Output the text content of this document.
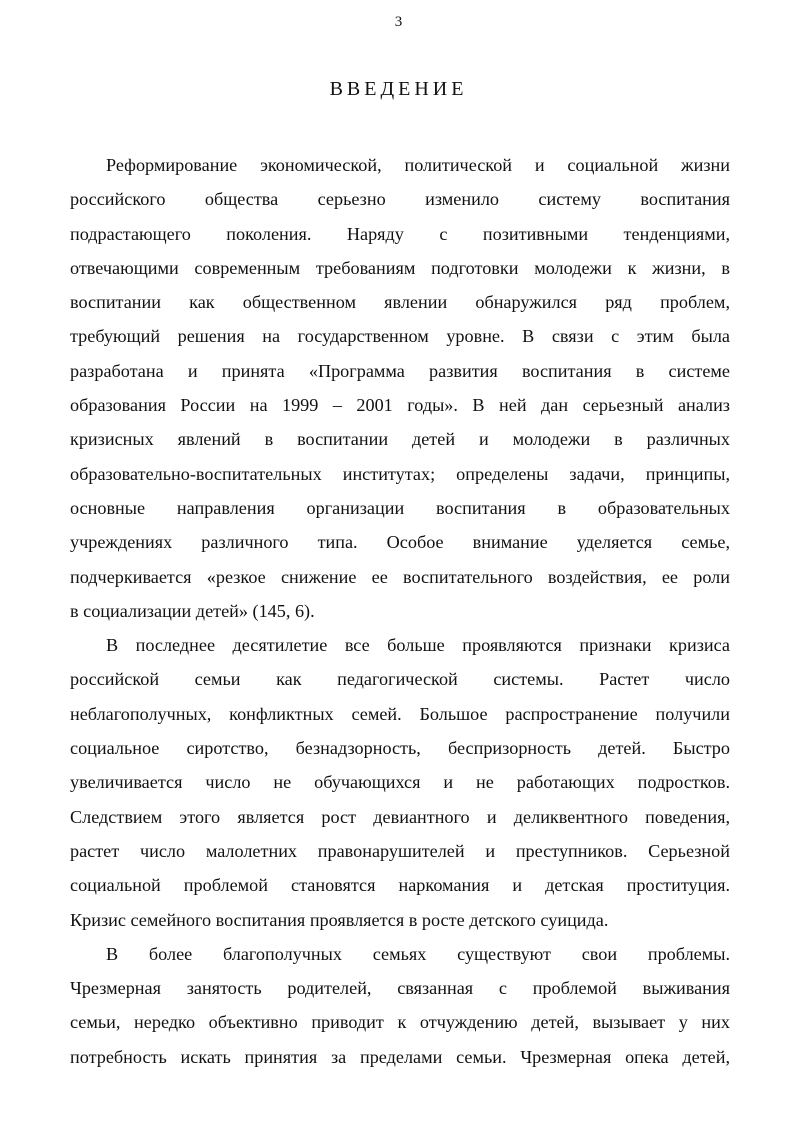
3
ВВЕДЕНИЕ
Реформирование экономической, политической и социальной жизни
российского общества серьезно изменило систему воспитания
подрастающего поколения. Наряду с позитивными тенденциями,
отвечающими современным требованиям подготовки молодежи к жизни, в
воспитании как общественном явлении обнаружился ряд проблем,
требующий решения на государственном уровне. В связи с этим была
разработана и принята «Программа развития воспитания в системе
образования России на 1999 – 2001 годы». В ней дан серьезный анализ
кризисных явлений в воспитании детей и молодежи в различных
образовательно-воспитательных институтах; определены задачи, принципы,
основные направления организации воспитания в образовательных
учреждениях различного типа. Особое внимание уделяется семье,
подчеркивается «резкое снижение ее воспитательного воздействия, ее роли
в социализации детей» (145, 6).
В последнее десятилетие все больше проявляются признаки кризиса
российской семьи как педагогической системы. Растет число
неблагополучных, конфликтных семей. Большое распространение получили
социальное сиротство, безнадзорность, беспризорность детей. Быстро
увеличивается число не обучающихся и не работающих подростков.
Следствием этого является рост девиантного и деликвентного поведения,
растет число малолетних правонарушителей и преступников. Серьезной
социальной проблемой становятся наркомания и детская проституция.
Кризис семейного воспитания проявляется в росте детского суицида.
В более благополучных семьях существуют свои проблемы.
Чрезмерная занятость родителей, связанная с проблемой выживания
семьи, нередко объективно приводит к отчуждению детей, вызывает у них
потребность искать принятия за пределами семьи. Чрезмерная опека детей,
